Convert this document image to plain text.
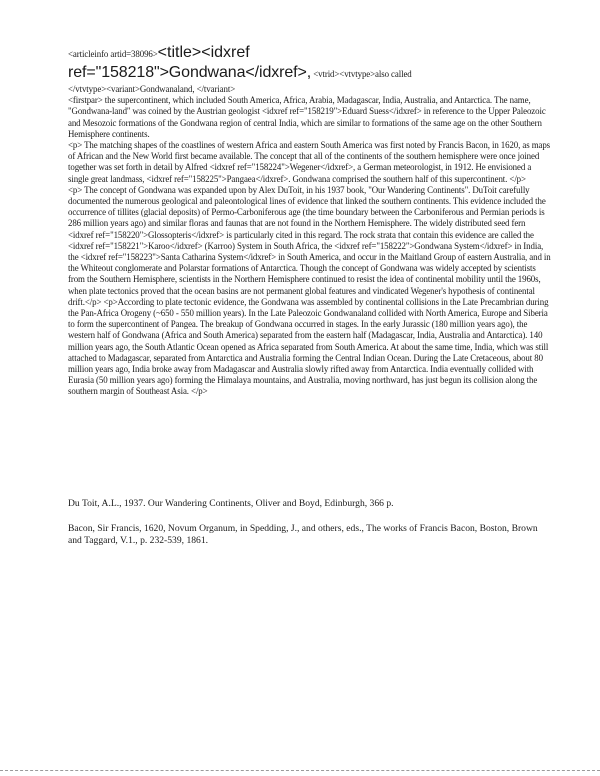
<articleinfo artid=38096><title><idxref
ref="158218">Gondwana</idxref>, <vtrid><vtvtype>also called

</vtvtype><variant>Gondwanaland, </tvariant>

<firstpar> the supercontinent, which included South America, Africa, Arabia, Madagascar, India, Australia, and Antarctica. The name, "Gondwana-land" was coined by the Austrian geologist <idxref ref="158219">Eduard Suess</idxref> in reference to the Upper Paleozoic and Mesozoic formations of the Gondwana region of central India, which are similar to formations of the same age on the other Southern Hemisphere continents.

<p> The matching shapes of the coastlines of western Africa and eastern South America was first noted by Francis Bacon, in 1620, as maps of African and the New World first became available. The concept that all of the continents of the southern hemisphere were once joined together was set forth in detail by Alfred <idxref ref="158224">Wegener</idxref>, a German meteorologist, in 1912. He envisioned a single great landmass, <idxref ref="158225">Pangaea</idxref>. Gondwana comprised the southern half of this supercontinent. </p>

<p> The concept of Gondwana was expanded upon by Alex DuToit, in his 1937 book, "Our Wandering Continents". DuToit carefully documented the numerous geological and paleontological lines of evidence that linked the southern continents. This evidence included the occurrence of tillites (glacial deposits) of Permo-Carboniferous age (the time boundary between the Carboniferous and Permian periods is 286 million years ago) and similar floras and faunas that are not found in the Northern Hemisphere. The widely distributed seed fern <idxref ref="158220">Glossopteris</idxref> is particularly cited in this regard. The rock strata that contain this evidence are called the <idxref ref="158221">Karoo</idxref> (Karroo) System in South Africa, the <idxref ref="158222">Gondwana System</idxref> in India, the <idxref ref="158223">Santa Catharina System</idxref> in South America, and occur in the Maitland Group of eastern Australia, and in the Whiteout conglomerate and Polarstar formations of Antarctica. Though the concept of Gondwana was widely accepted by scientists from the Southern Hemisphere, scientists in the Northern Hemisphere continued to resist the idea of continental mobility until the 1960s, when plate tectonics proved that the ocean basins are not permanent global features and vindicated Wegener's hypothesis of continental drift.</p> <p>According to plate tectonic evidence, the Gondwana was assembled by continental collisions in the Late Precambrian during the Pan-Africa Orogeny (~650 - 550 million years). In the Late Paleozoic Gondwanaland collided with North America, Europe and Siberia to form the supercontinent of Pangea. The breakup of Gondwana occurred in stages. In the early Jurassic (180 million years ago), the western half of Gondwana (Africa and South America) separated from the eastern half (Madagascar, India, Australia and Antarctica). 140 million years ago, the South Atlantic Ocean opened as Africa separated from South America. At about the same time, India, which was still attached to Madagascar, separated from Antarctica and Australia forming the Central Indian Ocean. During the Late Cretaceous, about 80 million years ago, India broke away from Madagascar and Australia slowly rifted away from Antarctica. India eventually collided with Eurasia (50 million years ago) forming the Himalaya mountains, and Australia, moving northward, has just begun its collision along the southern margin of Southeast Asia. </p>

Du Toit, A.L., 1937. Our Wandering Continents, Oliver and Boyd, Edinburgh, 366 p.

Bacon, Sir Francis, 1620, Novum Organum, in Spedding, J., and others, eds., The works of Francis Bacon, Boston, Brown and Taggard, V.1., p. 232-539, 1861.
